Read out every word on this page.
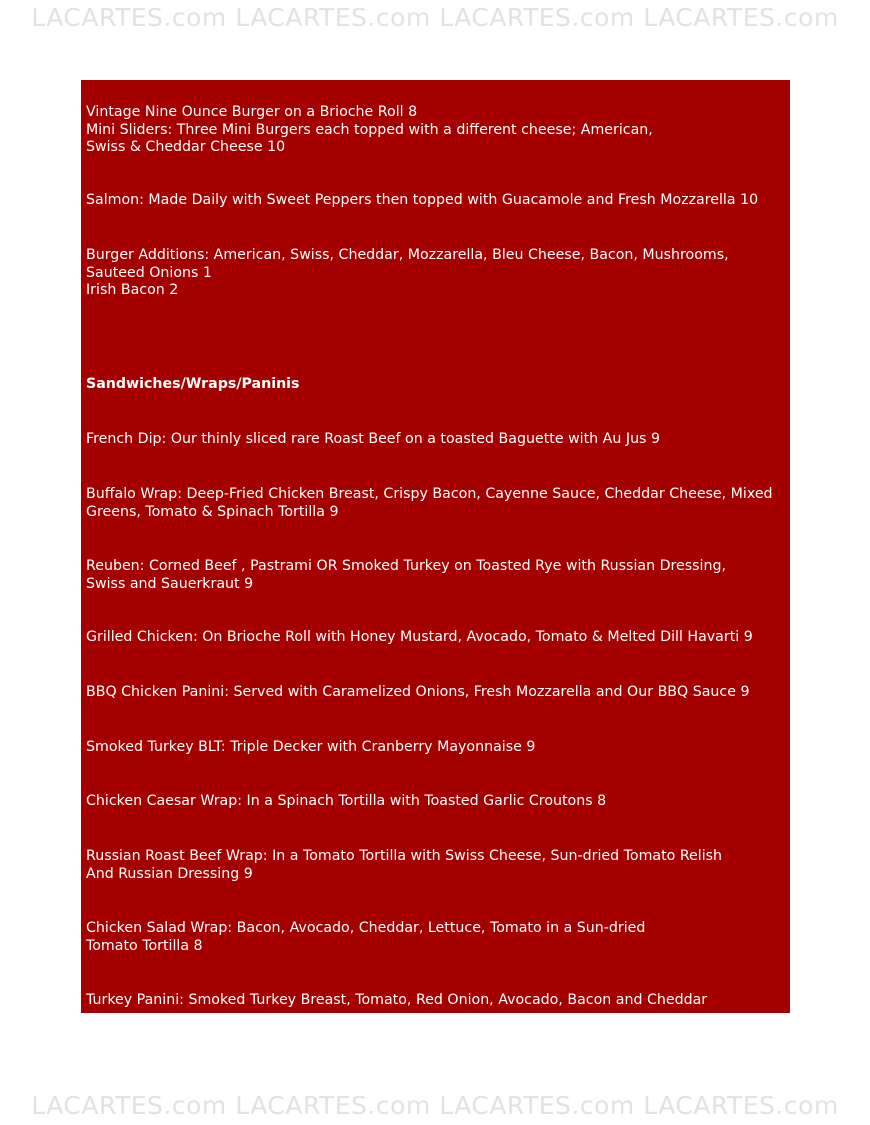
LACARTES.com LACARTES.com LACARTES.com LACARTES.com

Vintage Nine Ounce Burger on a Brioche Roll 8
Mini Sliders: Three Mini Burgers each topped with a different cheese; American,
Swiss & Cheddar Cheese 10

Salmon: Made Daily with Sweet Peppers then topped with Guacamole and Fresh Mozzarella 10

Burger Additions: American, Swiss, Cheddar, Mozzarella, Bleu Cheese, Bacon, Mushrooms,
Sauteed Onions 1
Irish Bacon 2

Sandwiches/Wraps/Paninis

French Dip: Our thinly sliced rare Roast Beef on a toasted Baguette with Au Jus 9

Buffalo Wrap: Deep-Fried Chicken Breast, Crispy Bacon, Cayenne Sauce, Cheddar Cheese, Mixed
Greens, Tomato & Spinach Tortilla 9

Reuben: Corned Beef , Pastrami OR Smoked Turkey on Toasted Rye with Russian Dressing,
Swiss and Sauerkraut 9

Grilled Chicken: On Brioche Roll with Honey Mustard, Avocado, Tomato & Melted Dill Havarti 9

BBQ Chicken Panini: Served with Caramelized Onions, Fresh Mozzarella and Our BBQ Sauce 9

Smoked Turkey BLT: Triple Decker with Cranberry Mayonnaise 9

Chicken Caesar Wrap: In a Spinach Tortilla with Toasted Garlic Croutons 8

Russian Roast Beef Wrap: In a Tomato Tortilla with Swiss Cheese, Sun-dried Tomato Relish
And Russian Dressing 9

Chicken Salad Wrap: Bacon, Avocado, Cheddar, Lettuce, Tomato in a Sun-dried
Tomato Tortilla 8

Turkey Panini: Smoked Turkey Breast, Tomato, Red Onion, Avocado, Bacon and Cheddar

LACARTES.com LACARTES.com LACARTES.com LACARTES.com
